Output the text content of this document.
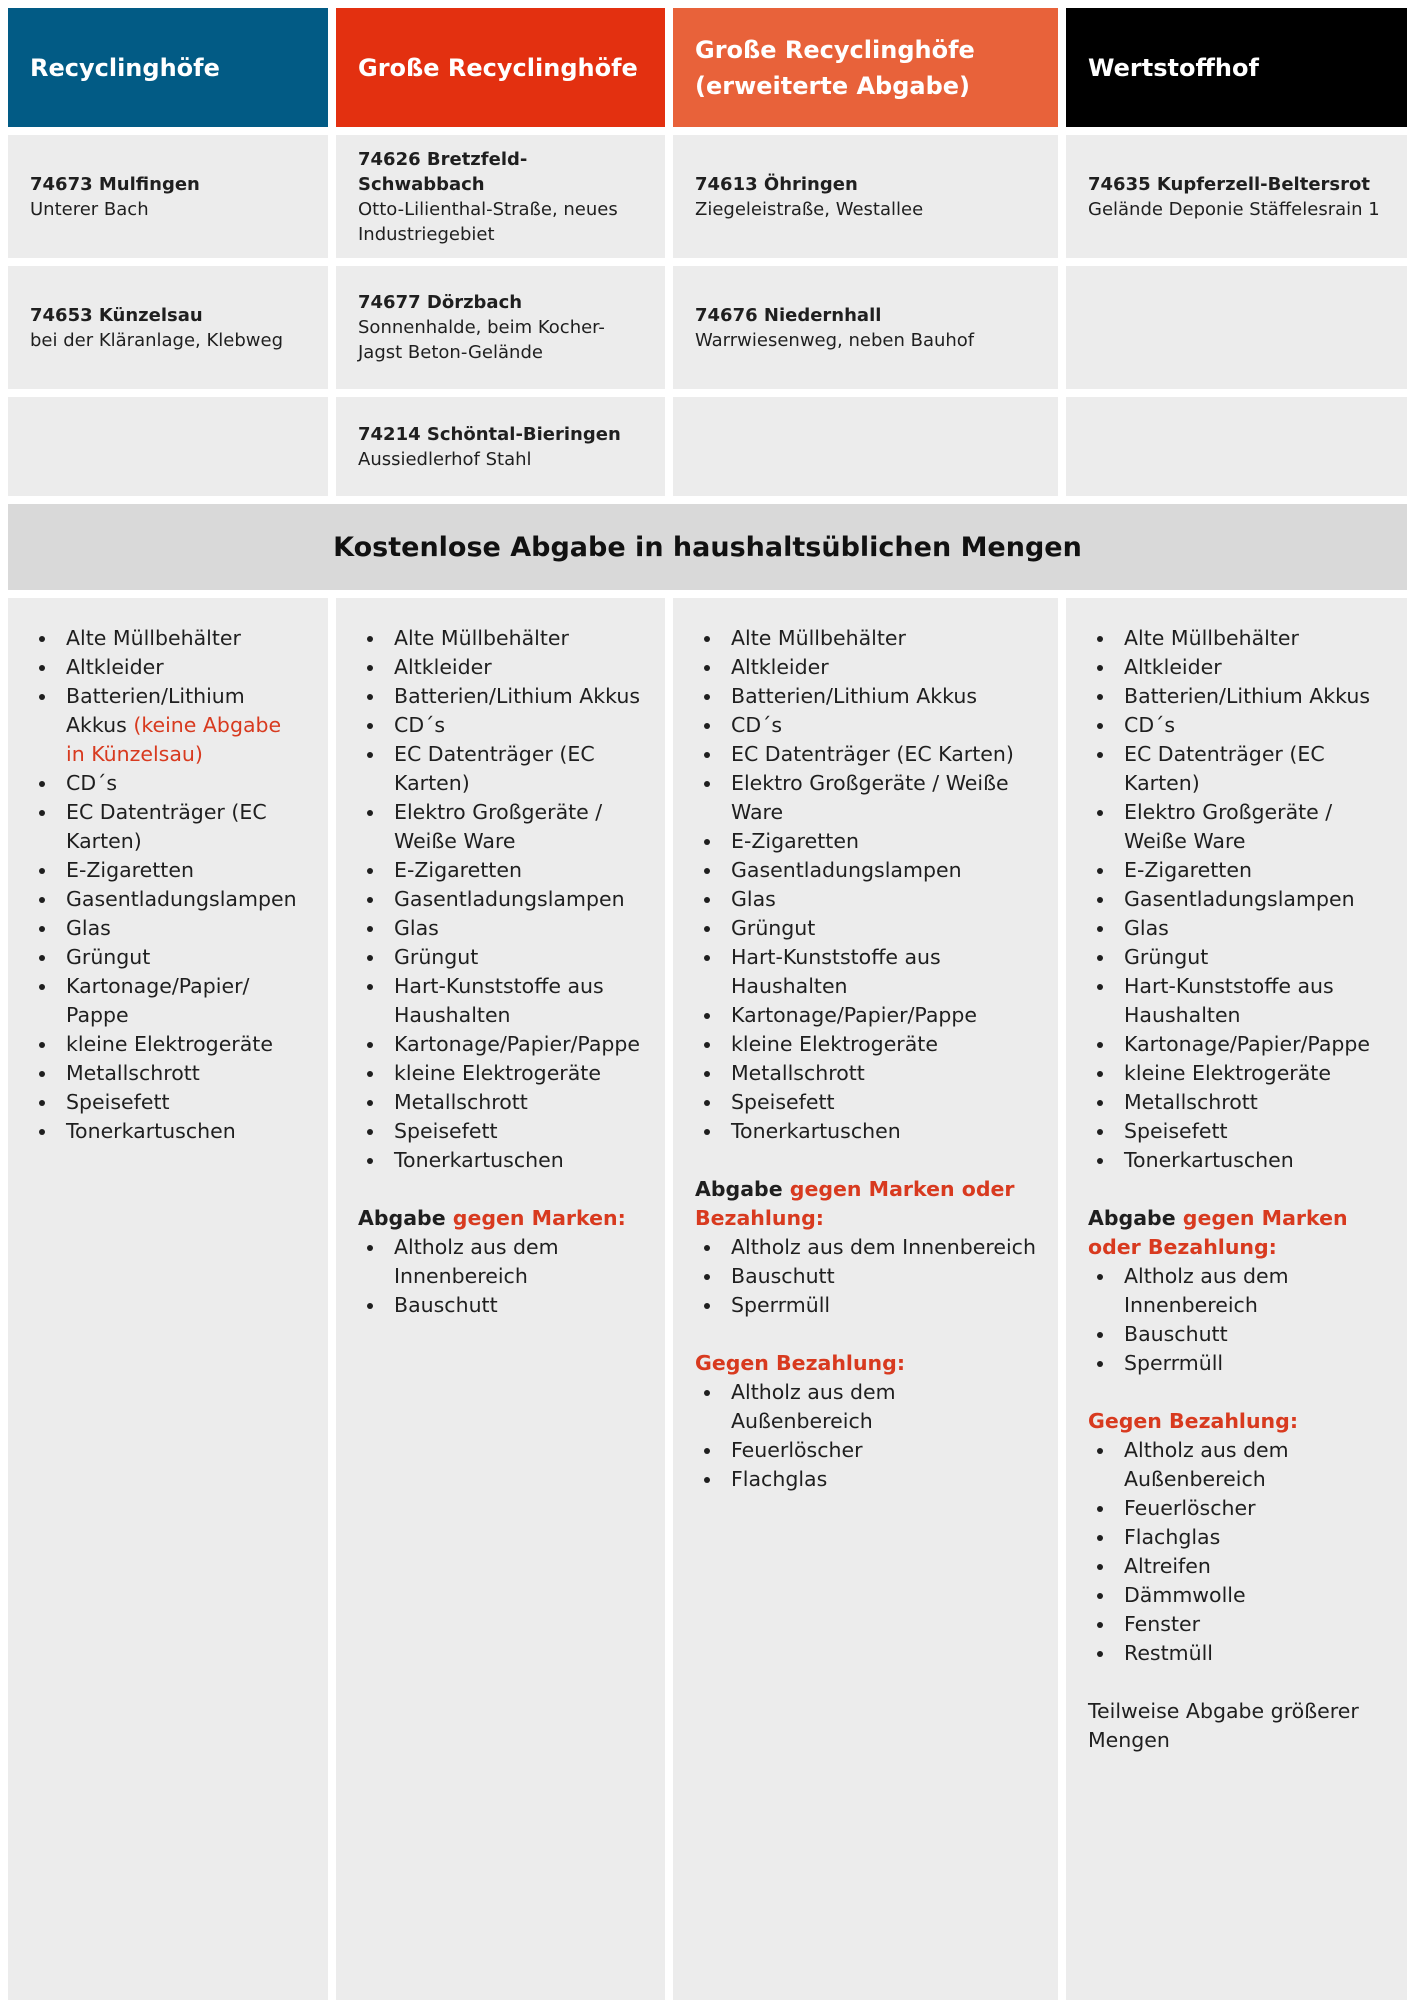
Recyclinghöfe	Große Recyclinghöfe
Große Recyclinghöfe
(erweiterte Abgabe)
Wertstoffhof
74673 Mulfingen
Unterer Bach
74626 Bretzfeld-Schwabbach
Otto-Lilienthal-Straße, neues Industriegebiet
74613 Öhringen
Ziegeleistraße, Westallee
74635 Kupferzell-Beltersrot
Gelände Deponie Stäffelesrain 1
74653 Künzelsau
bei der Kläranlage, Klebweg
74677 Dörzbach
Sonnenhalde, beim Kocher-Jagst Beton-Gelände
74676 Niedernhall
Warrwiesenweg, neben Bauhof
74214 Schöntal-Bieringen
Aussiedlerhof Stahl
Kostenlose Abgabe in haushaltsüblichen Mengen
• Alte Müllbehälter
• Altkleider
• Batterien/Lithium Akkus (keine Abgabe in Künzelsau)
• CD´s
• EC Datenträger (EC Karten)
• E-Zigaretten
• Gasentladungslampen
• Glas
• Grüngut
• Kartonage/Papier/ Pappe
• kleine Elektrogeräte
• Metallschrott
• Speisefett
• Tonerkartuschen
• Alte Müllbehälter
• Altkleider
• Batterien/Lithium Akkus
• CD´s
• EC Datenträger (EC Karten)
• Elektro Großgeräte / Weiße Ware
• E-Zigaretten
• Gasentladungslampen
• Glas
• Grüngut
• Hart-Kunststoffe aus Haushalten
• Kartonage/Papier/Pappe
• kleine Elektrogeräte
• Metallschrott
• Speisefett
• Tonerkartuschen
Abgabe gegen Marken:
• Altholz aus dem Innenbereich
• Bauschutt
• Alte Müllbehälter
• Altkleider
• Batterien/Lithium Akkus
• CD´s
• EC Datenträger (EC Karten)
• Elektro Großgeräte / Weiße Ware
• E-Zigaretten
• Gasentladungslampen
• Glas
• Grüngut
• Hart-Kunststoffe aus Haushalten
• Kartonage/Papier/Pappe
• kleine Elektrogeräte
• Metallschrott
• Speisefett
• Tonerkartuschen
Abgabe gegen Marken oder Bezahlung:
• Altholz aus dem Innenbereich
• Bauschutt
• Sperrmüll
Gegen Bezahlung:
• Altholz aus dem Außenbereich
• Feuerlöscher
• Flachglas
• Alte Müllbehälter
• Altkleider
• Batterien/Lithium Akkus
• CD´s
• EC Datenträger (EC Karten)
• Elektro Großgeräte / Weiße Ware
• E-Zigaretten
• Gasentladungslampen
• Glas
• Grüngut
• Hart-Kunststoffe aus Haushalten
• Kartonage/Papier/Pappe
• kleine Elektrogeräte
• Metallschrott
• Speisefett
• Tonerkartuschen
Abgabe gegen Marken oder Bezahlung:
• Altholz aus dem Innenbereich
• Bauschutt
• Sperrmüll
Gegen Bezahlung:
• Altholz aus dem Außenbereich
• Feuerlöscher
• Flachglas
• Altreifen
• Dämmwolle
• Fenster
• Restmüll
Teilweise Abgabe größerer Mengen
